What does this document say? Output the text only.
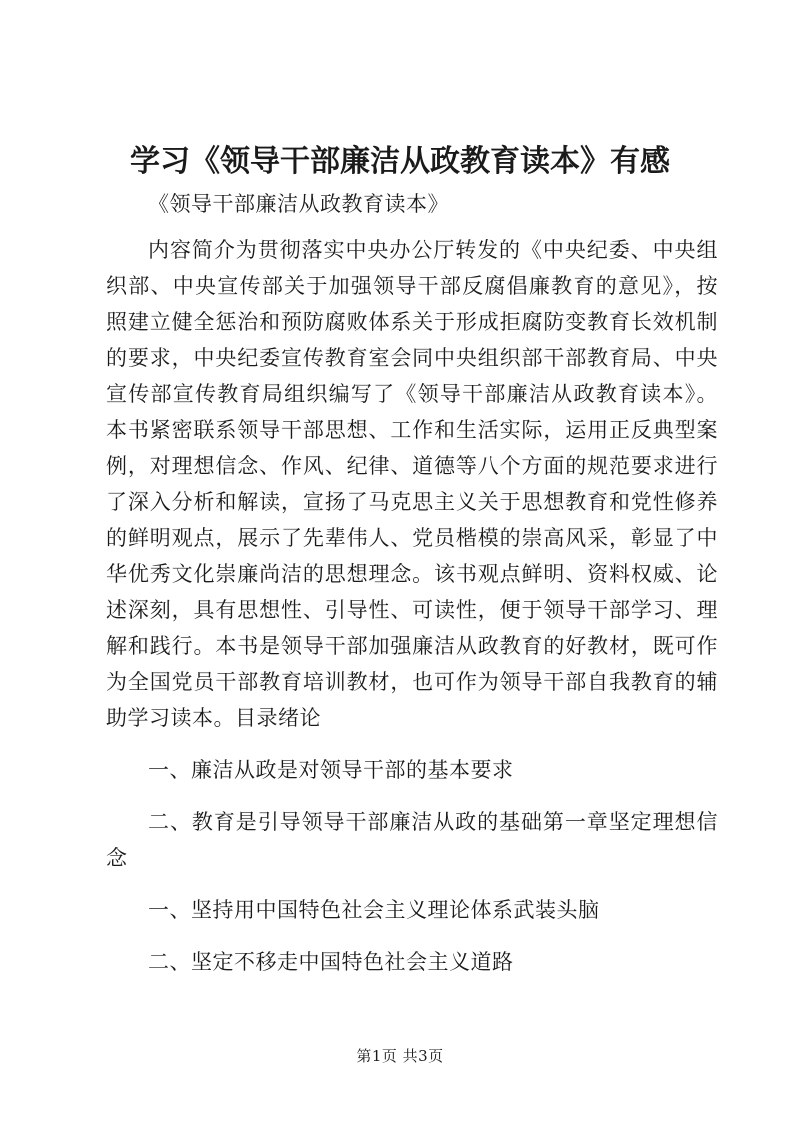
学习《领导干部廉洁从政教育读本》有感

《领导干部廉洁从政教育读本》

内容简介为贯彻落实中央办公厅转发的《中央纪委、中央组织部、中央宣传部关于加强领导干部反腐倡廉教育的意见》，按照建立健全惩治和预防腐败体系关于形成拒腐防变教育长效机制的要求，中央纪委宣传教育室会同中央组织部干部教育局、中央宣传部宣传教育局组织编写了《领导干部廉洁从政教育读本》。本书紧密联系领导干部思想、工作和生活实际，运用正反典型案例，对理想信念、作风、纪律、道德等八个方面的规范要求进行了深入分析和解读，宣扬了马克思主义关于思想教育和党性修养的鲜明观点，展示了先辈伟人、党员楷模的崇高风采，彰显了中华优秀文化崇廉尚洁的思想理念。该书观点鲜明、资料权威、论述深刻，具有思想性、引导性、可读性，便于领导干部学习、理解和践行。本书是领导干部加强廉洁从政教育的好教材，既可作为全国党员干部教育培训教材，也可作为领导干部自我教育的辅助学习读本。目录绪论

一、廉洁从政是对领导干部的基本要求

二、教育是引导领导干部廉洁从政的基础第一章坚定理想信念

一、坚持用中国特色社会主义理论体系武装头脑

二、坚定不移走中国特色社会主义道路

第1页 共3页
